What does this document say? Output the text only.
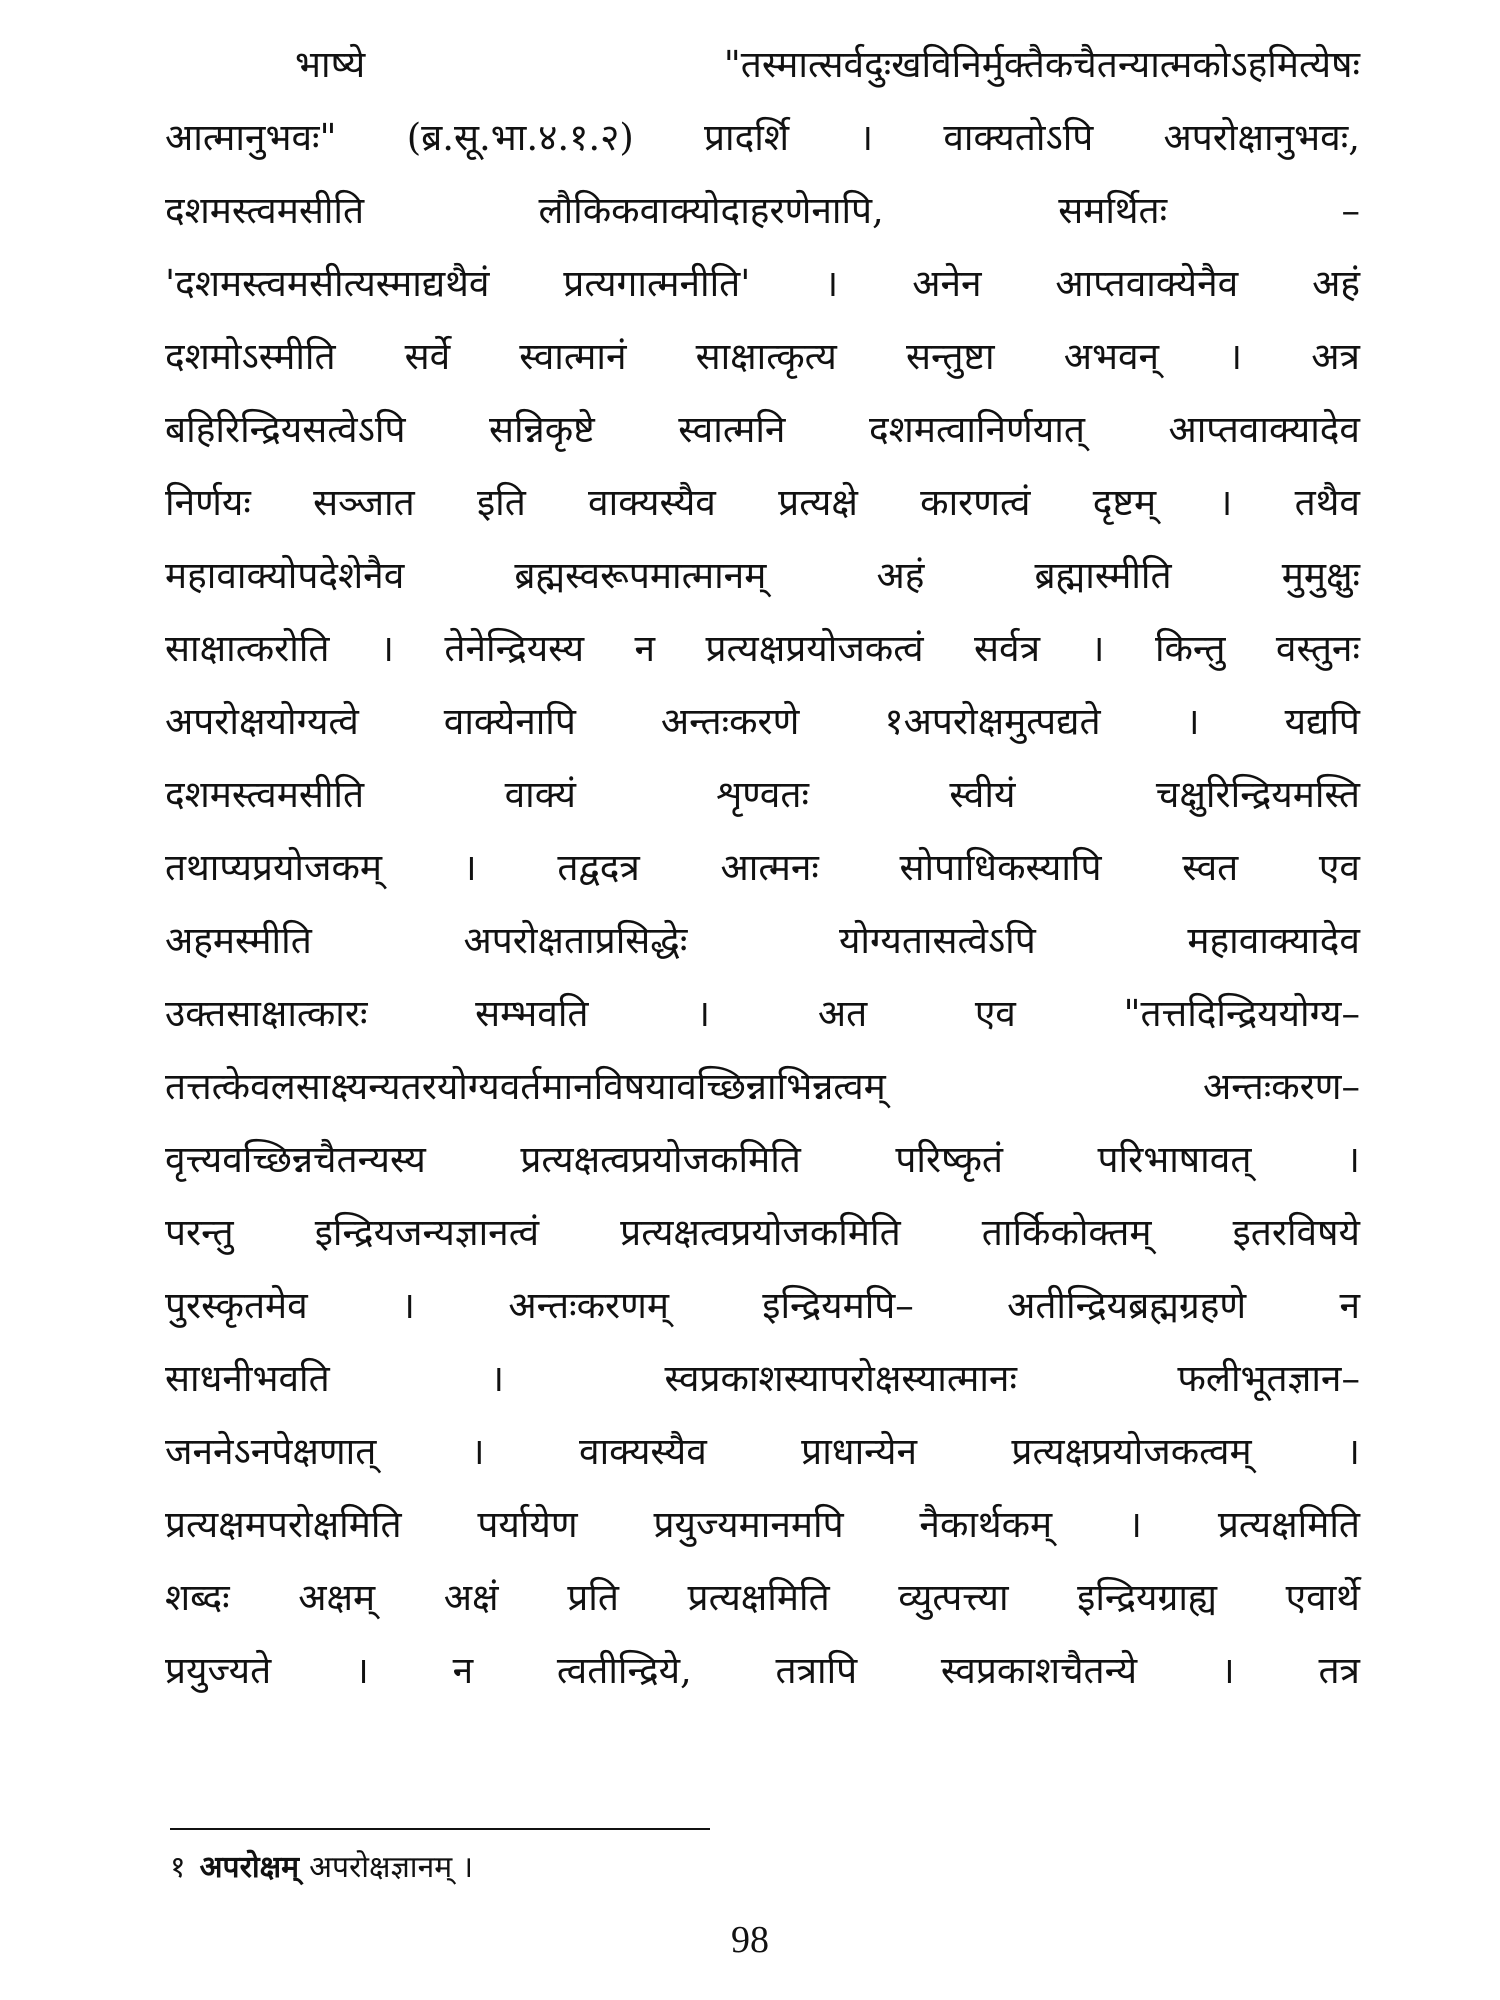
भाष्ये	"तस्मात्सर्वदुःखविनिर्मुक्तैकचैतन्यात्मकोऽहमित्येषः
आत्मानुभवः" (ब्र.सू.भा.४.१.२) प्रादर्शि । वाक्यतोऽपि अपरोक्षानुभवः,
दशमस्त्वमसीति	लौकिकवाक्योदाहरणेनापि,	समर्थितः	–
'दशमस्त्वमसीत्यस्माद्यथैवं प्रत्यगात्मनीति' । अनेन आप्तवाक्येनैव अहं
दशमोऽस्मीति सर्वे स्वात्मानं साक्षात्कृत्य सन्तुष्टा अभवन् । अत्र
बहिरिन्द्रियसत्वेऽपि सन्निकृष्टे स्वात्मनि दशमत्वानिर्णयात् आप्तवाक्यादेव
निर्णयः सञ्जात इति वाक्यस्यैव प्रत्यक्षे कारणत्वं दृष्टम् । तथैव
महावाक्योपदेशेनैव	ब्रह्मस्वरूपमात्मानम्	अहं	ब्रह्मास्मीति	मुमुक्षुः
साक्षात्करोति । तेनेन्द्रियस्य न प्रत्यक्षप्रयोजकत्वं सर्वत्र । किन्तु वस्तुनः
अपरोक्षयोग्यत्वे वाक्येनापि अन्तःकरणे १अपरोक्षमुत्पद्यते । यद्यपि
दशमस्त्वमसीति	वाक्यं	शृण्वतः	स्वीयं	चक्षुरिन्द्रियमस्ति
तथाप्यप्रयोजकम् । तद्वदत्र आत्मनः सोपाधिकस्यापि स्वत एव
अहमस्मीति	अपरोक्षताप्रसिद्धेः	योग्यतासत्वेऽपि	महावाक्यादेव
उक्तसाक्षात्कारः	सम्भवति	।	अत	एव	"तत्तदिन्द्रिययोग्य–
तत्तत्केवलसाक्ष्यन्यतरयोग्यवर्तमानविषयावच्छिन्नाभिन्नत्वम्	अन्तःकरण–
वृत्त्यवच्छिन्नचैतन्यस्य	प्रत्यक्षत्वप्रयोजकमिति	परिष्कृतं	परिभाषावत्	।
परन्तु इन्द्रियजन्यज्ञानत्वं प्रत्यक्षत्वप्रयोजकमिति तार्किकोक्तम् इतरविषये
पुरस्कृतमेव	।	अन्तःकरणम्	इन्द्रियमपि–	अतीन्द्रियब्रह्मग्रहणे	न
साधनीभवति	।	स्वप्रकाशस्यापरोक्षस्यात्मानः	फलीभूतज्ञान–
जननेऽनपेक्षणात्	।	वाक्यस्यैव	प्राधान्येन	प्रत्यक्षप्रयोजकत्वम्	।
प्रत्यक्षमपरोक्षमिति पर्यायेण प्रयुज्यमानमपि नैकार्थकम् । प्रत्यक्षमिति
शब्दः अक्षम् अक्षं प्रति प्रत्यक्षमिति व्युत्पत्त्या इन्द्रियग्राह्य एवार्थे
प्रयुज्यते । न त्वतीन्द्रिये, तत्रापि स्वप्रकाशचैतन्ये । तत्र
१ अपरोक्षम् अपरोक्षज्ञानम् ।
98
